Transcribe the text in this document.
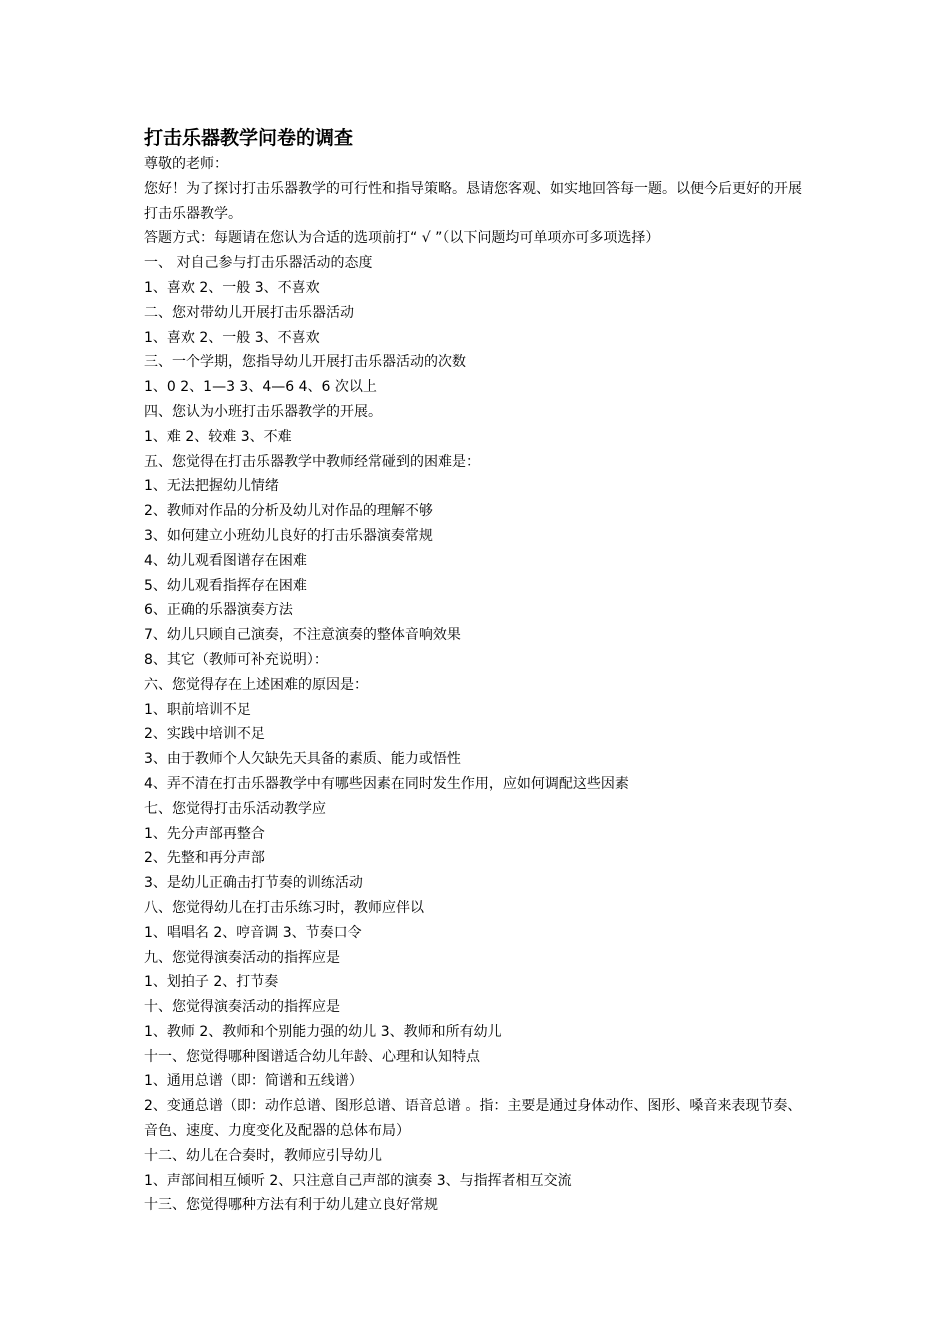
打击乐器教学问卷的调查

尊敬的老师：

您好！为了探讨打击乐器教学的可行性和指导策略。恳请您客观、如实地回答每一题。以便今后更好的开展打击乐器教学。

答题方式：每题请在您认为合适的选项前打“ √ ”（以下问题均可单项亦可多项选择）

一、 对自己参与打击乐器活动的态度

1、喜欢 2、一般 3、不喜欢

二、您对带幼儿开展打击乐器活动

1、喜欢 2、一般 3、不喜欢

三、一个学期，您指导幼儿开展打击乐器活动的次数

1、0 2、1—3 3、4—6 4、6 次以上

四、您认为小班打击乐器教学的开展。

1、难 2、较难 3、不难

五、您觉得在打击乐器教学中教师经常碰到的困难是：

1、无法把握幼儿情绪

2、教师对作品的分析及幼儿对作品的理解不够

3、如何建立小班幼儿良好的打击乐器演奏常规

4、幼儿观看图谱存在困难

5、幼儿观看指挥存在困难

6、正确的乐器演奏方法

7、幼儿只顾自己演奏，不注意演奏的整体音响效果

8、其它（教师可补充说明）：

六、您觉得存在上述困难的原因是：

1、职前培训不足

2、实践中培训不足

3、由于教师个人欠缺先天具备的素质、能力或悟性

4、弄不清在打击乐器教学中有哪些因素在同时发生作用，应如何调配这些因素

七、您觉得打击乐活动教学应

1、先分声部再整合

2、先整和再分声部

3、是幼儿正确击打节奏的训练活动

八、您觉得幼儿在打击乐练习时，教师应伴以

1、唱唱名 2、哼音调 3、节奏口令

九、您觉得演奏活动的指挥应是

1、划拍子 2、打节奏

十、您觉得演奏活动的指挥应是

1、教师 2、教师和个别能力强的幼儿 3、教师和所有幼儿

十一、您觉得哪种图谱适合幼儿年龄、心理和认知特点

1、通用总谱（即：简谱和五线谱）

2、变通总谱（即：动作总谱、图形总谱、语音总谱 。指：主要是通过身体动作、图形、嗓音来表现节奏、音色、速度、力度变化及配器的总体布局）

十二、幼儿在合奏时，教师应引导幼儿

1、声部间相互倾听 2、只注意自己声部的演奏 3、与指挥者相互交流

十三、您觉得哪种方法有利于幼儿建立良好常规
